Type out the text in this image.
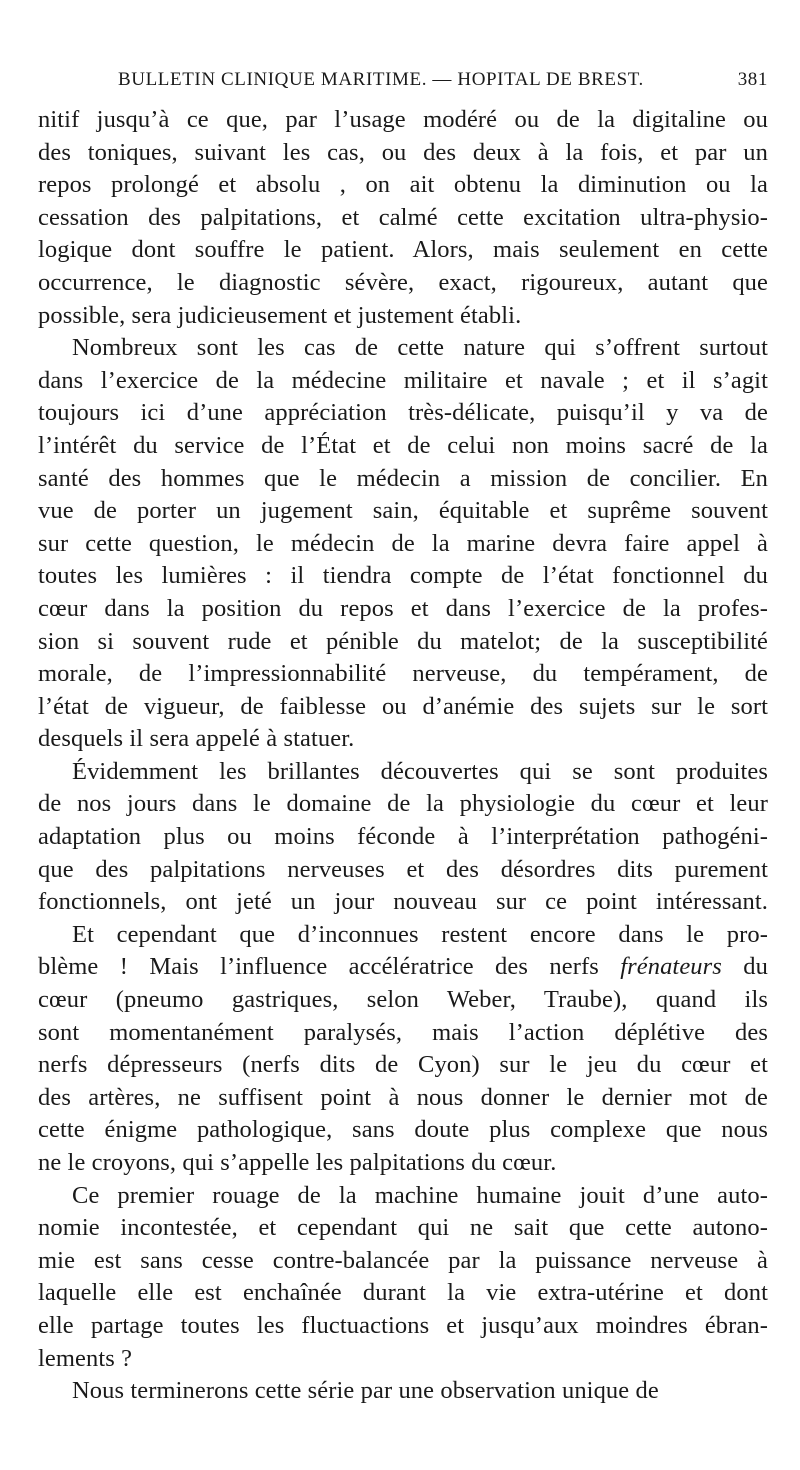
BULLETIN CLINIQUE MARITIME. — HOPITAL DE BREST.	381
nitif jusqu’à ce que, par l’usage modéré ou de la digitaline ou
des toniques, suivant les cas, ou des deux à la fois, et par un
repos prolongé et absolu , on ait obtenu la diminution ou la
cessation des palpitations, et calmé cette excitation ultra-physio-
logique dont souffre le patient. Alors, mais seulement en cette
occurrence, le diagnostic sévère, exact, rigoureux, autant que
possible, sera judicieusement et justement établi.
Nombreux sont les cas de cette nature qui s’offrent surtout
dans l’exercice de la médecine militaire et navale ; et il s’agit
toujours ici d’une appréciation très-délicate, puisqu’il y va de
l’intérêt du service de l’État et de celui non moins sacré de la
santé des hommes que le médecin a mission de concilier. En
vue de porter un jugement sain, équitable et suprême souvent
sur cette question, le médecin de la marine devra faire appel à
toutes les lumières : il tiendra compte de l’état fonctionnel du
cœur dans la position du repos et dans l’exercice de la profes-
sion si souvent rude et pénible du matelot; de la susceptibilité
morale, de l’impressionnabilité nerveuse, du tempérament, de
l’état de vigueur, de faiblesse ou d’anémie des sujets sur le sort
desquels il sera appelé à statuer.
Évidemment les brillantes découvertes qui se sont produites
de nos jours dans le domaine de la physiologie du cœur et leur
adaptation plus ou moins féconde à l’interprétation pathogéni-
que des palpitations nerveuses et des désordres dits purement
fonctionnels, ont jeté un jour nouveau sur ce point intéressant.
Et cependant que d’inconnues restent encore dans le pro-
blème ! Mais l’influence accélératrice des nerfs frénateurs du
cœur (pneumo gastriques, selon Weber, Traube), quand ils
sont momentanément paralysés, mais l’action déplétive des
nerfs dépresseurs (nerfs dits de Cyon) sur le jeu du cœur et
des artères, ne suffisent point à nous donner le dernier mot de
cette énigme pathologique, sans doute plus complexe que nous
ne le croyons, qui s’appelle les palpitations du cœur.
Ce premier rouage de la machine humaine jouit d’une auto-
nomie incontestée, et cependant qui ne sait que cette autono-
mie est sans cesse contre-balancée par la puissance nerveuse à
laquelle elle est enchaînée durant la vie extra-utérine et dont
elle partage toutes les fluctuactions et jusqu’aux moindres ébran-
lements ?
Nous terminerons cette série par une observation unique de
